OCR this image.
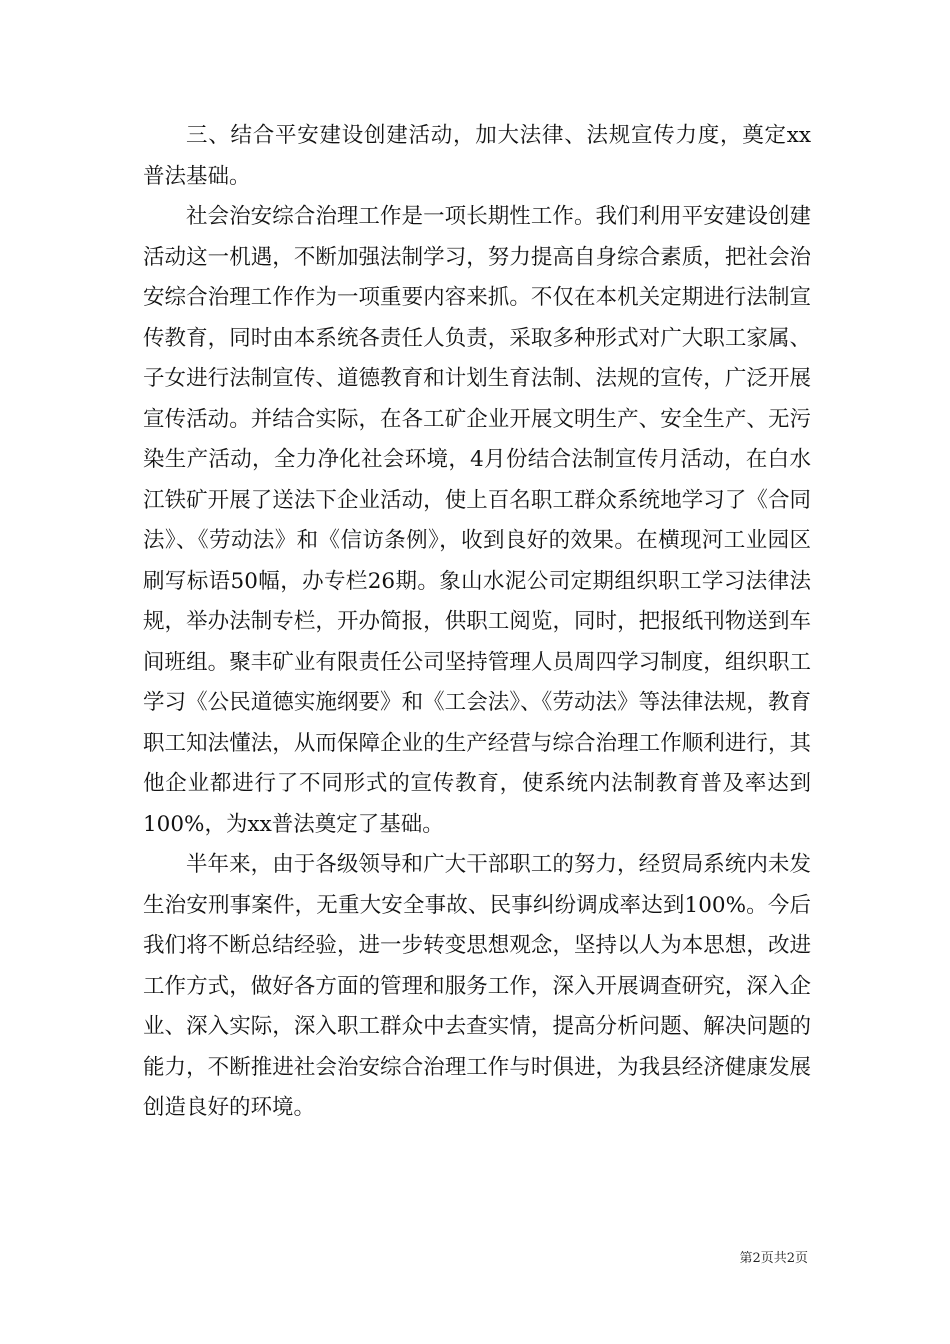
三、结合平安建设创建活动，加大法律、法规宣传力度，奠定xx普法基础。

社会治安综合治理工作是一项长期性工作。我们利用平安建设创建活动这一机遇，不断加强法制学习，努力提高自身综合素质，把社会治安综合治理工作作为一项重要内容来抓。不仅在本机关定期进行法制宣传教育，同时由本系统各责任人负责，采取多种形式对广大职工家属、子女进行法制宣传、道德教育和计划生育法制、法规的宣传，广泛开展宣传活动。并结合实际，在各工矿企业开展文明生产、安全生产、无污染生产活动，全力净化社会环境，4月份结合法制宣传月活动，在白水江铁矿开展了送法下企业活动，使上百名职工群众系统地学习了《合同法》、《劳动法》和《信访条例》，收到良好的效果。在横现河工业园区刷写标语50幅，办专栏26期。象山水泥公司定期组织职工学习法律法规，举办法制专栏，开办简报，供职工阅览，同时，把报纸刊物送到车间班组。聚丰矿业有限责任公司坚持管理人员周四学习制度，组织职工学习《公民道德实施纲要》和《工会法》、《劳动法》等法律法规，教育职工知法懂法，从而保障企业的生产经营与综合治理工作顺利进行，其他企业都进行了不同形式的宣传教育，使系统内法制教育普及率达到100%，为xx普法奠定了基础。

半年来，由于各级领导和广大干部职工的努力，经贸局系统内未发生治安刑事案件，无重大安全事故、民事纠纷调成率达到100%。今后我们将不断总结经验，进一步转变思想观念，坚持以人为本思想，改进工作方式，做好各方面的管理和服务工作，深入开展调查研究，深入企业、深入实际，深入职工群众中去查实情，提高分析问题、解决问题的能力，不断推进社会治安综合治理工作与时俱进，为我县经济健康发展创造良好的环境。

第2页共2页
